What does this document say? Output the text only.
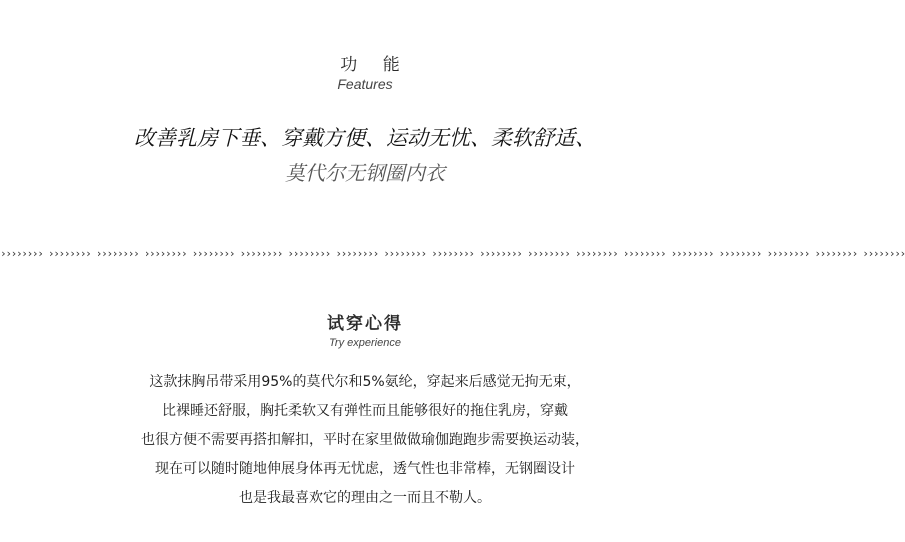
功 能
Features
改善乳房下垂、穿戴方便、运动无忧、柔软舒适、
莫代尔无钢圈内衣
›››››››› ›››››››› ›››››››› ›››››››› ›››››››› ›››››››› ›››››››› ›››››››› ›››››››› ›››››››› ›››››››› ›››››››› ›››››››› ›››››››› ›››››››› ›››››››› ›››››››› ›››››››› ››››››››
试穿心得
Try experience
这款抹胸吊带采用95%的莫代尔和5%氨纶，穿起来后感觉无拘无束，
比裸睡还舒服，胸托柔软又有弹性而且能够很好的拖住乳房，穿戴
也很方便不需要再搭扣解扣，平时在家里做做瑜伽跑跑步需要换运动装，
现在可以随时随地伸展身体再无忧虑，透气性也非常棒，无钢圈设计
也是我最喜欢它的理由之一而且不勒人。
